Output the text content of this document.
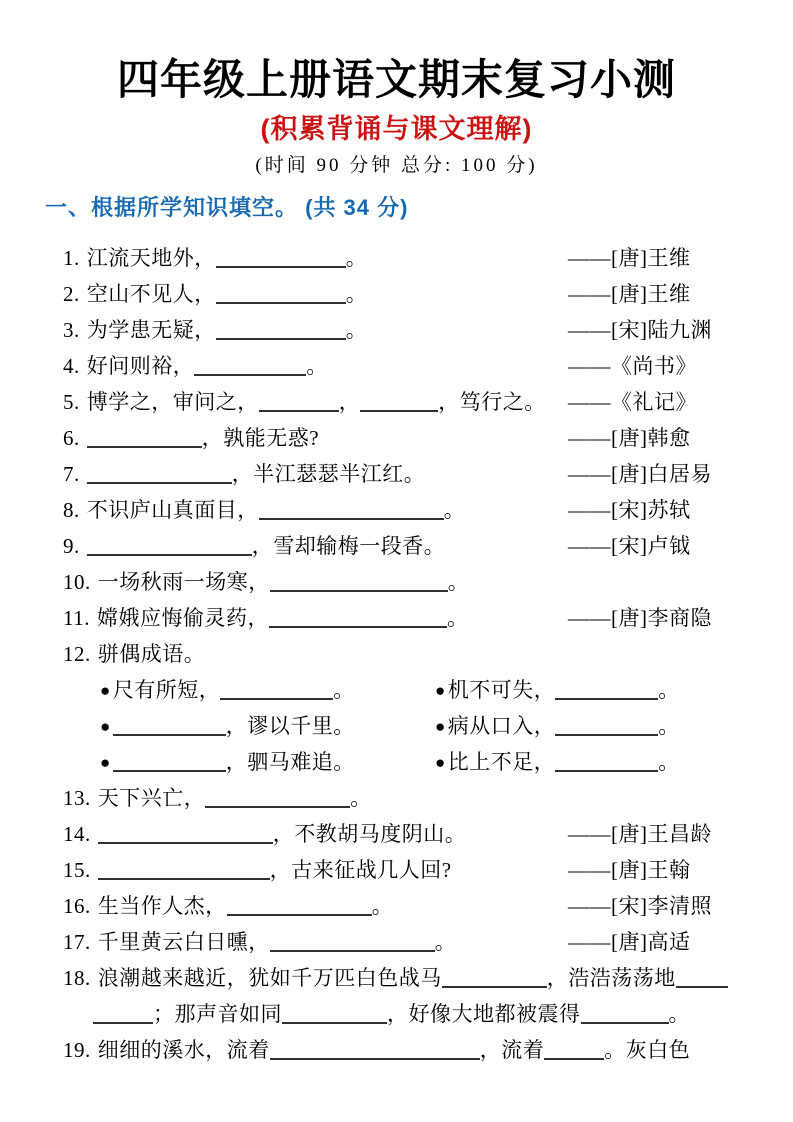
四年级上册语文期末复习小测
(积累背诵与课文理解)
(时间 90 分钟 总分: 100 分)
一、根据所学知识填空。 (共 34 分)
1. 江流天地外，	。	——[唐]王维
2. 空山不见人，	。	——[唐]王维
3. 为学患无疑，	。	——[宋]陆九渊
4. 好问则裕，	。	——《尚书》
5. 博学之，审问之，	，	，笃行之。 ——《礼记》
6.	，孰能无惑?	——[唐]韩愈
7.	，半江瑟瑟半江红。	——[唐]白居易
8. 不识庐山真面目，	。	——[宋]苏轼
9.	，雪却输梅一段香。	——[宋]卢钺
10. 一场秋雨一场寒，	。
11. 嫦娥应悔偷灵药，	。	——[唐]李商隐
12. 骈偶成语。
●尺有所短，	。	●机不可失，	。
●	，谬以千里。	●病从口入，	。
●	，驷马难追。	●比上不足，	。
13. 天下兴亡，	。
14.	，不教胡马度阴山。	——[唐]王昌龄
15.	，古来征战几人回?	——[唐]王翰
16. 生当作人杰，	。	——[宋]李清照
17. 千里黄云白日曛，	。	——[唐]高适
18. 浪潮越来越近，犹如千万匹白色战马	，浩浩荡荡地
；那声音如同	，好像大地都被震得	。
19. 细细的溪水，流着	，流着	。灰白色
